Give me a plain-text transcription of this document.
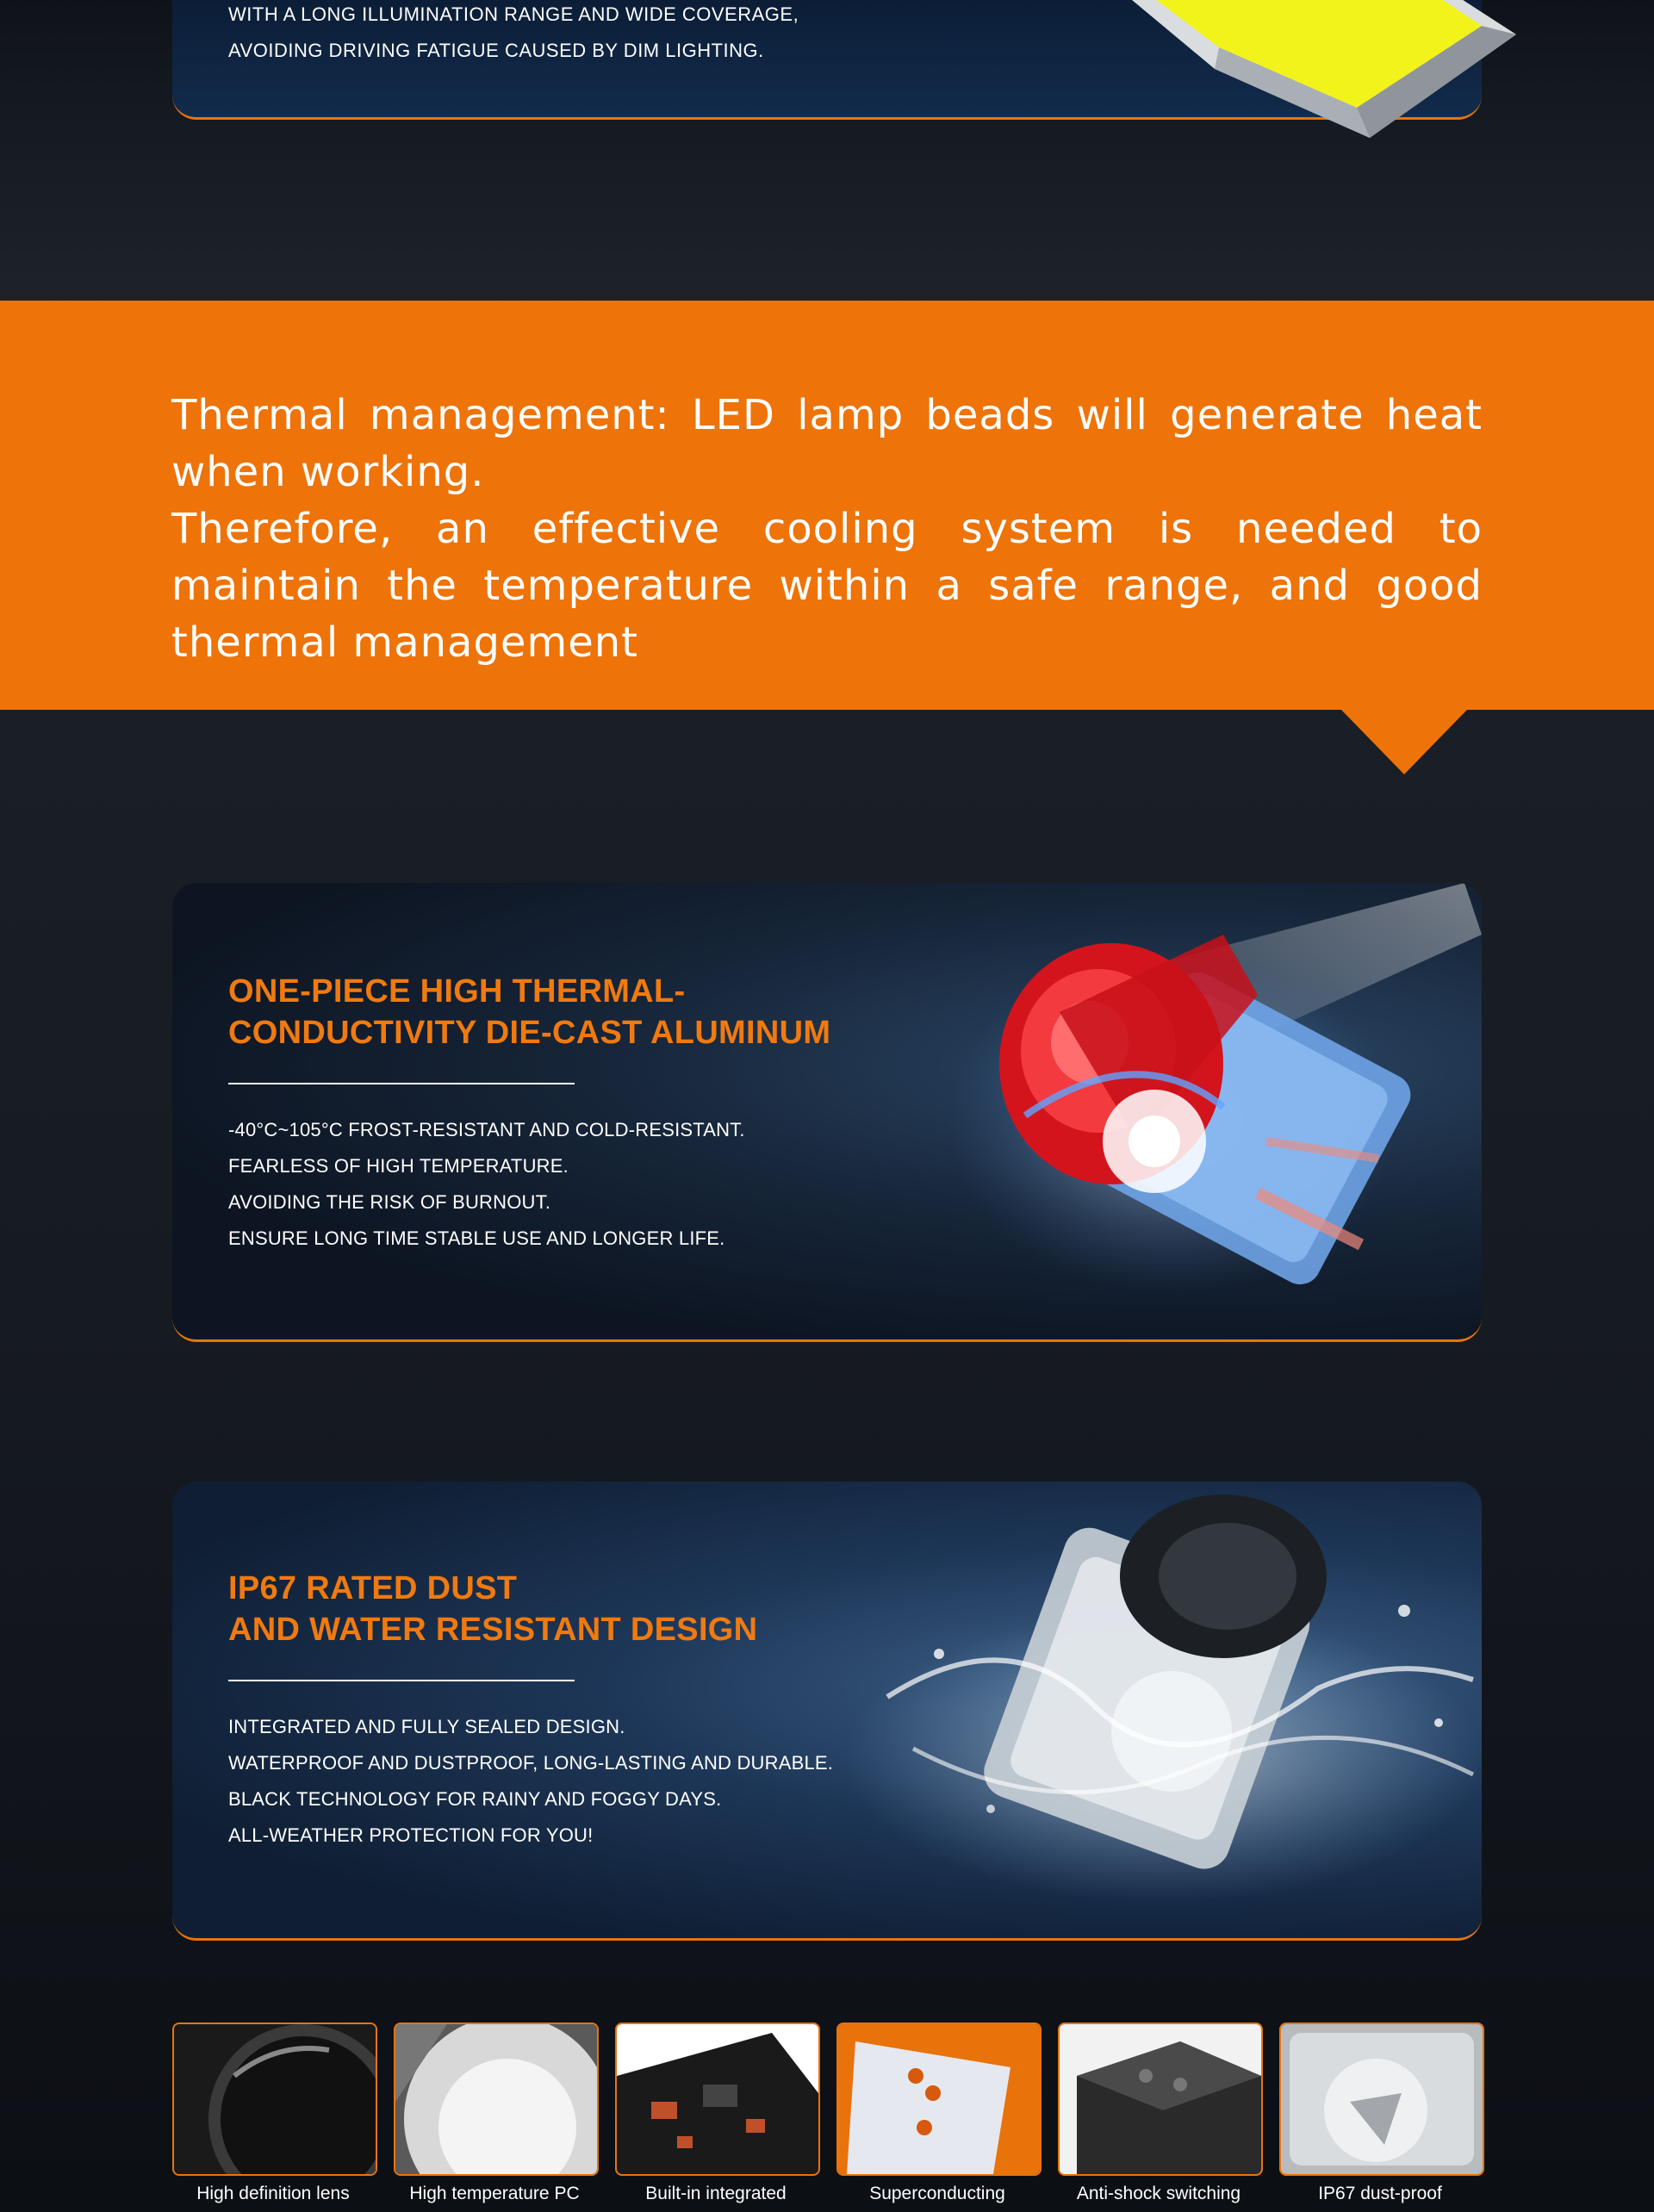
WITH A LONG ILLUMINATION RANGE AND WIDE COVERAGE,
AVOIDING DRIVING FATIGUE CAUSED BY DIM LIGHTING.

Thermal management: LED lamp beads will generate heat when working.

Therefore, an effective cooling system is needed to maintain the temperature within a safe range, and good thermal management

ONE-PIECE HIGH THERMAL-
CONDUCTIVITY DIE-CAST ALUMINUM
-40°C~105°C FROST-RESISTANT AND COLD-RESISTANT.
FEARLESS OF HIGH TEMPERATURE.
AVOIDING THE RISK OF BURNOUT.
ENSURE LONG TIME STABLE USE AND LONGER LIFE.
IP67 RATED DUST
AND WATER RESISTANT DESIGN
INTEGRATED AND FULLY SEALED DESIGN.
WATERPROOF AND DUSTPROOF, LONG-LASTING AND DURABLE.
BLACK TECHNOLOGY FOR RAINY AND FOGGY DAYS.
ALL-WEATHER PROTECTION FOR YOU!
High definition lens	High temperature PC	Built-in integrated	Superconducting	Anti-shock switching	IP67 dust-proof
